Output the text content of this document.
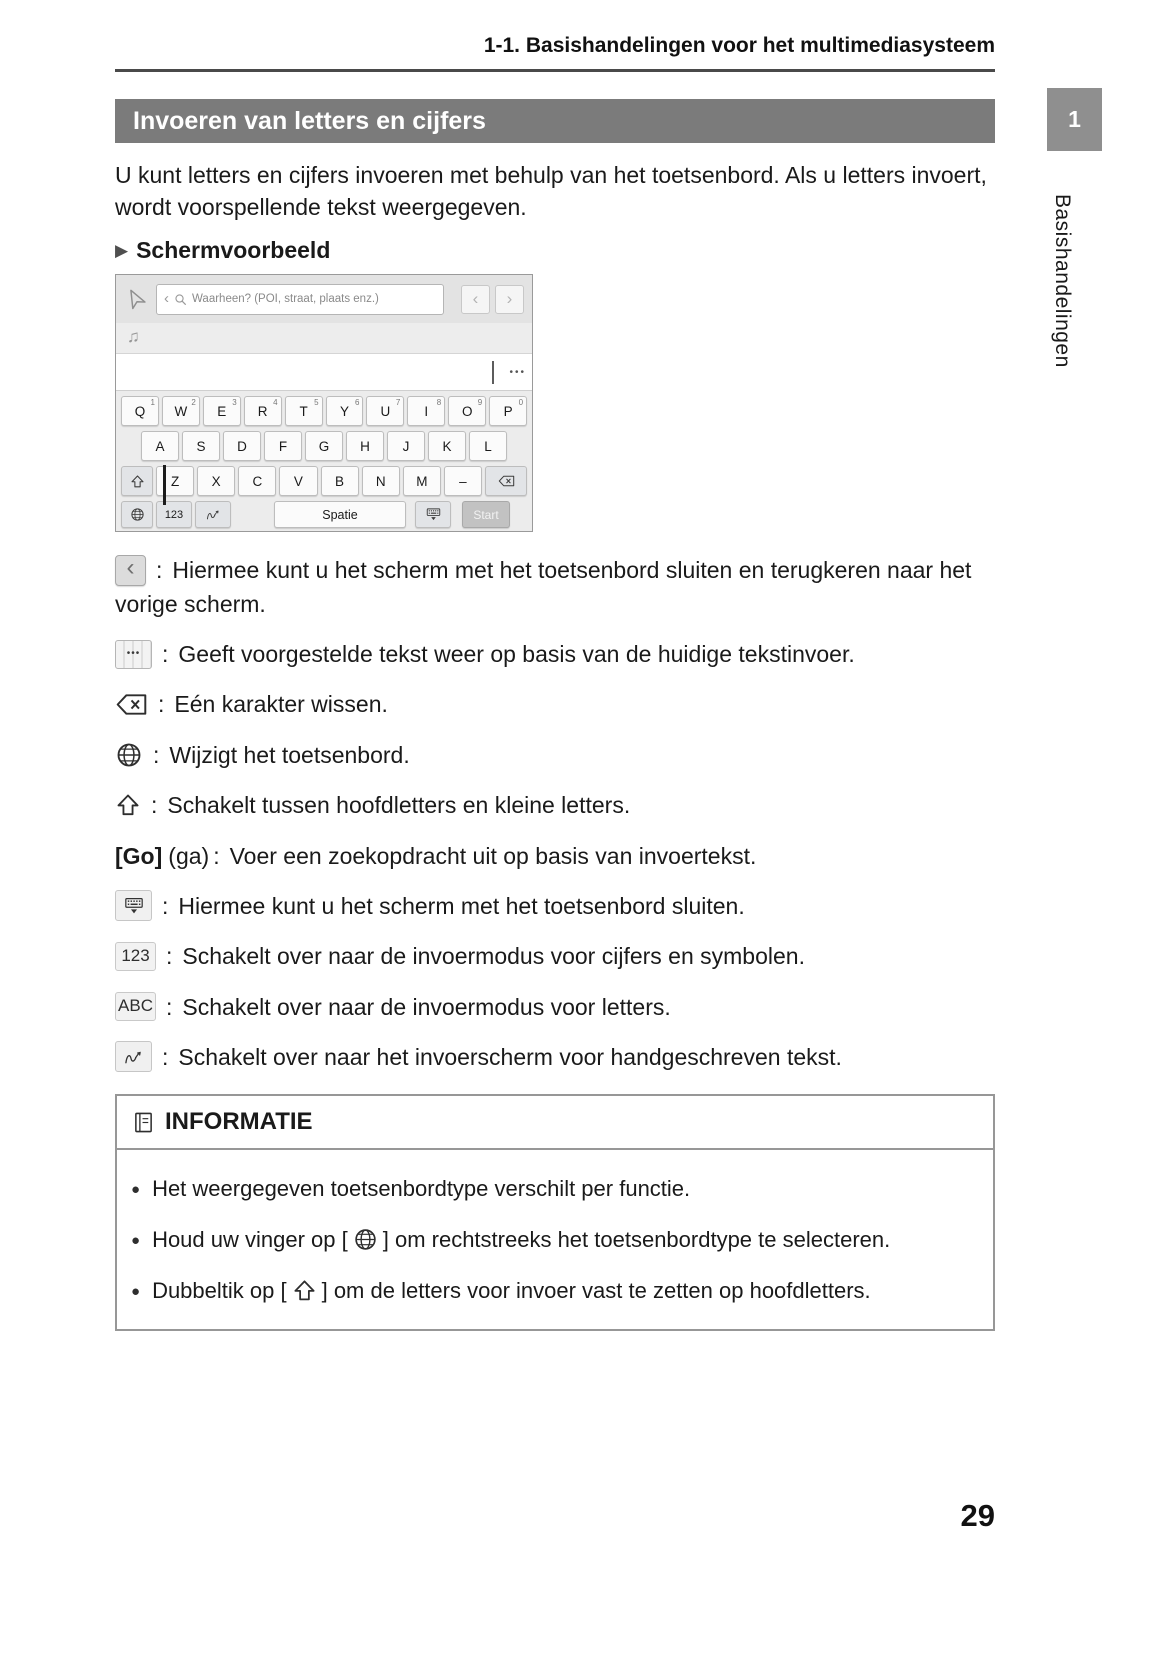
1-1. Basishandelingen voor het multimediasysteem
Invoeren van letters en cijfers

U kunt letters en cijfers invoeren met behulp van het toetsenbord. Als u letters invoert, wordt voorspellende tekst weergegeven.

▶ Schermvoorbeeld
‹ Waarheen? (POI, straat, plaats enz.)	‹ ›
♫
•••
Q
1
W
2
E
3
R
4
T
5
Y
6
U
7
I
8
O
9
P
0
A S D F G H J K L
Z X C V B N M –
123	Spatie	Start

‹ : Hiermee kunt u het scherm met het toetsenbord sluiten en terugkeren naar het vorige scherm.

••• : Geeft voorgestelde tekst weer op basis van de huidige tekstinvoer.

: Eén karakter wissen.

: Wijzigt het toetsenbord.

: Schakelt tussen hoofdletters en kleine letters.

[Go] (ga) : Voer een zoekopdracht uit op basis van invoertekst.

: Hiermee kunt u het scherm met het toetsenbord sluiten.

123 : Schakelt over naar de invoermodus voor cijfers en symbolen.

ABC : Schakelt over naar de invoermodus voor letters.

: Schakelt over naar het invoerscherm voor handgeschreven tekst.

INFORMATIE

● Het weergegeven toetsenbordtype verschilt per functie.

● Houd uw vinger op [ ] om rechtstreeks het toetsenbordtype te selecteren.

● Dubbeltik op [ ] om de letters voor invoer vast te zetten op hoofdletters.

29
1
Basishandelingen
